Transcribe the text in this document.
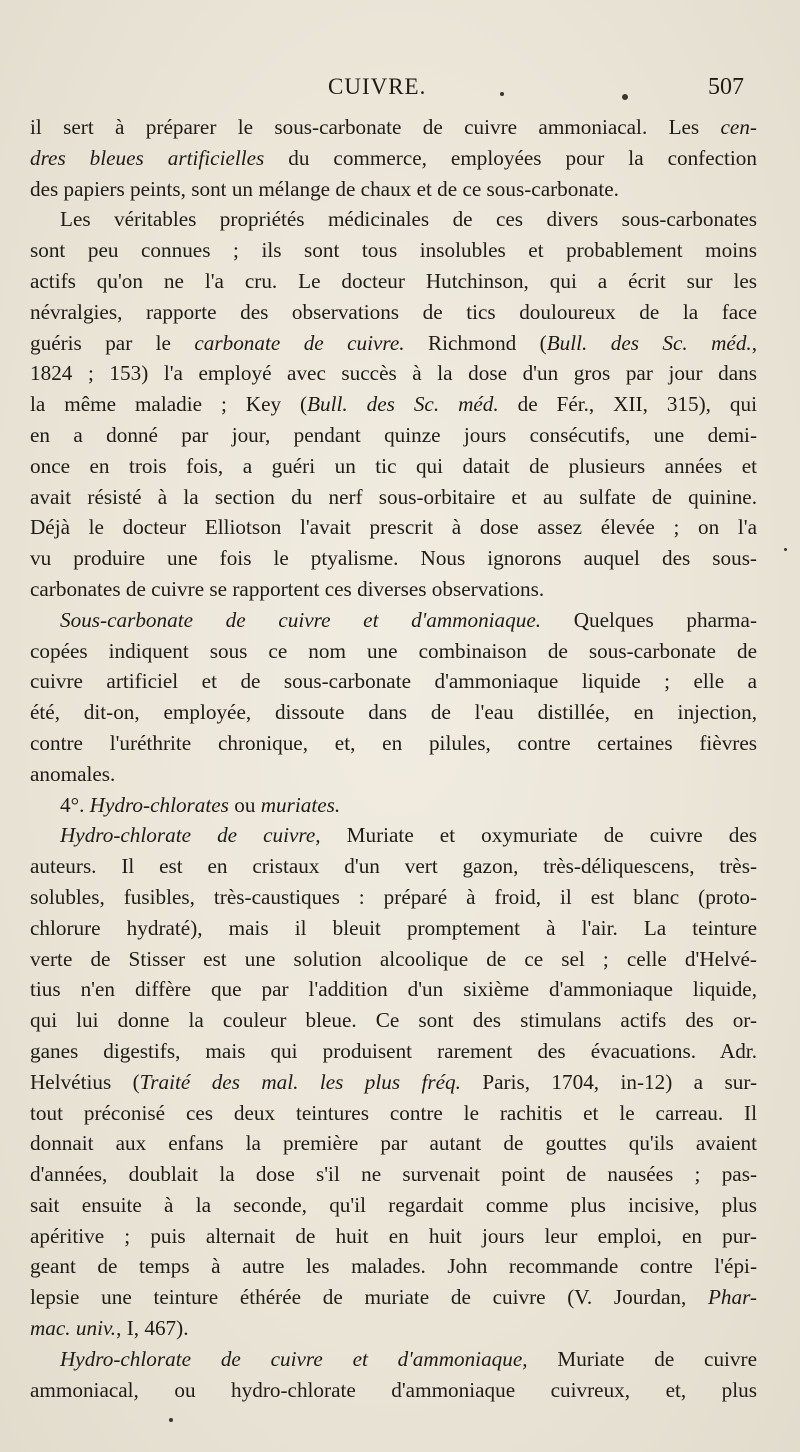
CUIVRE.	507
il sert à préparer le sous-carbonate de cuivre ammoniacal. Les cen-
dres bleues artificielles du commerce, employées pour la confection
des papiers peints, sont un mélange de chaux et de ce sous-carbonate.
Les véritables propriétés médicinales de ces divers sous-carbonates
sont peu connues ; ils sont tous insolubles et probablement moins
actifs qu'on ne l'a cru. Le docteur Hutchinson, qui a écrit sur les
névralgies, rapporte des observations de tics douloureux de la face
guéris par le carbonate de cuivre. Richmond (Bull. des Sc. méd.,
1824 ; 153) l'a employé avec succès à la dose d'un gros par jour dans
la même maladie ; Key (Bull. des Sc. méd. de Fér., XII, 315), qui
en a donné par jour, pendant quinze jours consécutifs, une demi-
once en trois fois, a guéri un tic qui datait de plusieurs années et
avait résisté à la section du nerf sous-orbitaire et au sulfate de quinine.
Déjà le docteur Elliotson l'avait prescrit à dose assez élevée ; on l'a
vu produire une fois le ptyalisme. Nous ignorons auquel des sous-
carbonates de cuivre se rapportent ces diverses observations.
Sous-carbonate de cuivre et d'ammoniaque. Quelques pharma-
copées indiquent sous ce nom une combinaison de sous-carbonate de
cuivre artificiel et de sous-carbonate d'ammoniaque liquide ; elle a
été, dit-on, employée, dissoute dans de l'eau distillée, en injection,
contre l'uréthrite chronique, et, en pilules, contre certaines fièvres
anomales.
4°. Hydro-chlorates ou muriates.
Hydro-chlorate de cuivre, Muriate et oxymuriate de cuivre des
auteurs. Il est en cristaux d'un vert gazon, très-déliquescens, très-
solubles, fusibles, très-caustiques : préparé à froid, il est blanc (proto-
chlorure hydraté), mais il bleuit promptement à l'air. La teinture
verte de Stisser est une solution alcoolique de ce sel ; celle d'Helvé-
tius n'en diffère que par l'addition d'un sixième d'ammoniaque liquide,
qui lui donne la couleur bleue. Ce sont des stimulans actifs des or-
ganes digestifs, mais qui produisent rarement des évacuations. Adr.
Helvétius (Traité des mal. les plus fréq. Paris, 1704, in-12) a sur-
tout préconisé ces deux teintures contre le rachitis et le carreau. Il
donnait aux enfans la première par autant de gouttes qu'ils avaient
d'années, doublait la dose s'il ne survenait point de nausées ; pas-
sait ensuite à la seconde, qu'il regardait comme plus incisive, plus
apéritive ; puis alternait de huit en huit jours leur emploi, en pur-
geant de temps à autre les malades. John recommande contre l'épi-
lepsie une teinture éthérée de muriate de cuivre (V. Jourdan, Phar-
mac. univ., I, 467).
Hydro-chlorate de cuivre et d'ammoniaque, Muriate de cuivre
ammoniacal, ou hydro-chlorate d'ammoniaque cuivreux, et, plus
